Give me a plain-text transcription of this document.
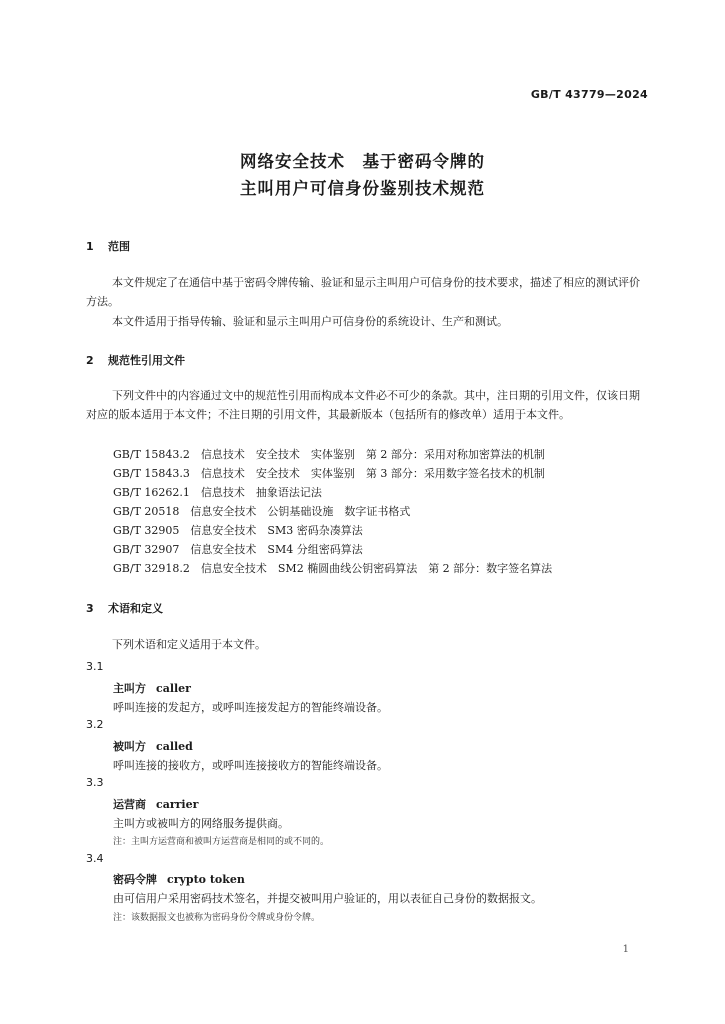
GB/T 43779—2024
网络安全技术　基于密码令牌的
主叫用户可信身份鉴别技术规范
1 范围
本文件规定了在通信中基于密码令牌传输、验证和显示主叫用户可信身份的技术要求，描述了相应的测试评价方法。
本文件适用于指导传输、验证和显示主叫用户可信身份的系统设计、生产和测试。
2 规范性引用文件
下列文件中的内容通过文中的规范性引用而构成本文件必不可少的条款。其中，注日期的引用文件，仅该日期对应的版本适用于本文件；不注日期的引用文件，其最新版本（包括所有的修改单）适用于本文件。
GB/T 15843.2　信息技术　安全技术　实体鉴别　第 2 部分：采用对称加密算法的机制
GB/T 15843.3　信息技术　安全技术　实体鉴别　第 3 部分：采用数字签名技术的机制
GB/T 16262.1　信息技术　抽象语法记法
GB/T 20518　信息安全技术　公钥基础设施　数字证书格式
GB/T 32905　信息安全技术　SM3 密码杂凑算法
GB/T 32907　信息安全技术　SM4 分组密码算法
GB/T 32918.2　信息安全技术　SM2 椭圆曲线公钥密码算法　第 2 部分：数字签名算法
3 术语和定义
下列术语和定义适用于本文件。
3.1
主叫方 caller
呼叫连接的发起方，或呼叫连接发起方的智能终端设备。
3.2
被叫方 called
呼叫连接的接收方，或呼叫连接接收方的智能终端设备。
3.3
运营商 carrier
主叫方或被叫方的网络服务提供商。
注：主叫方运营商和被叫方运营商是相同的或不同的。
3.4
密码令牌 crypto token
由可信用户采用密码技术签名，并提交被叫用户验证的，用以表征自己身份的数据报文。
注：该数据报文也被称为密码身份令牌或身份令牌。
1
